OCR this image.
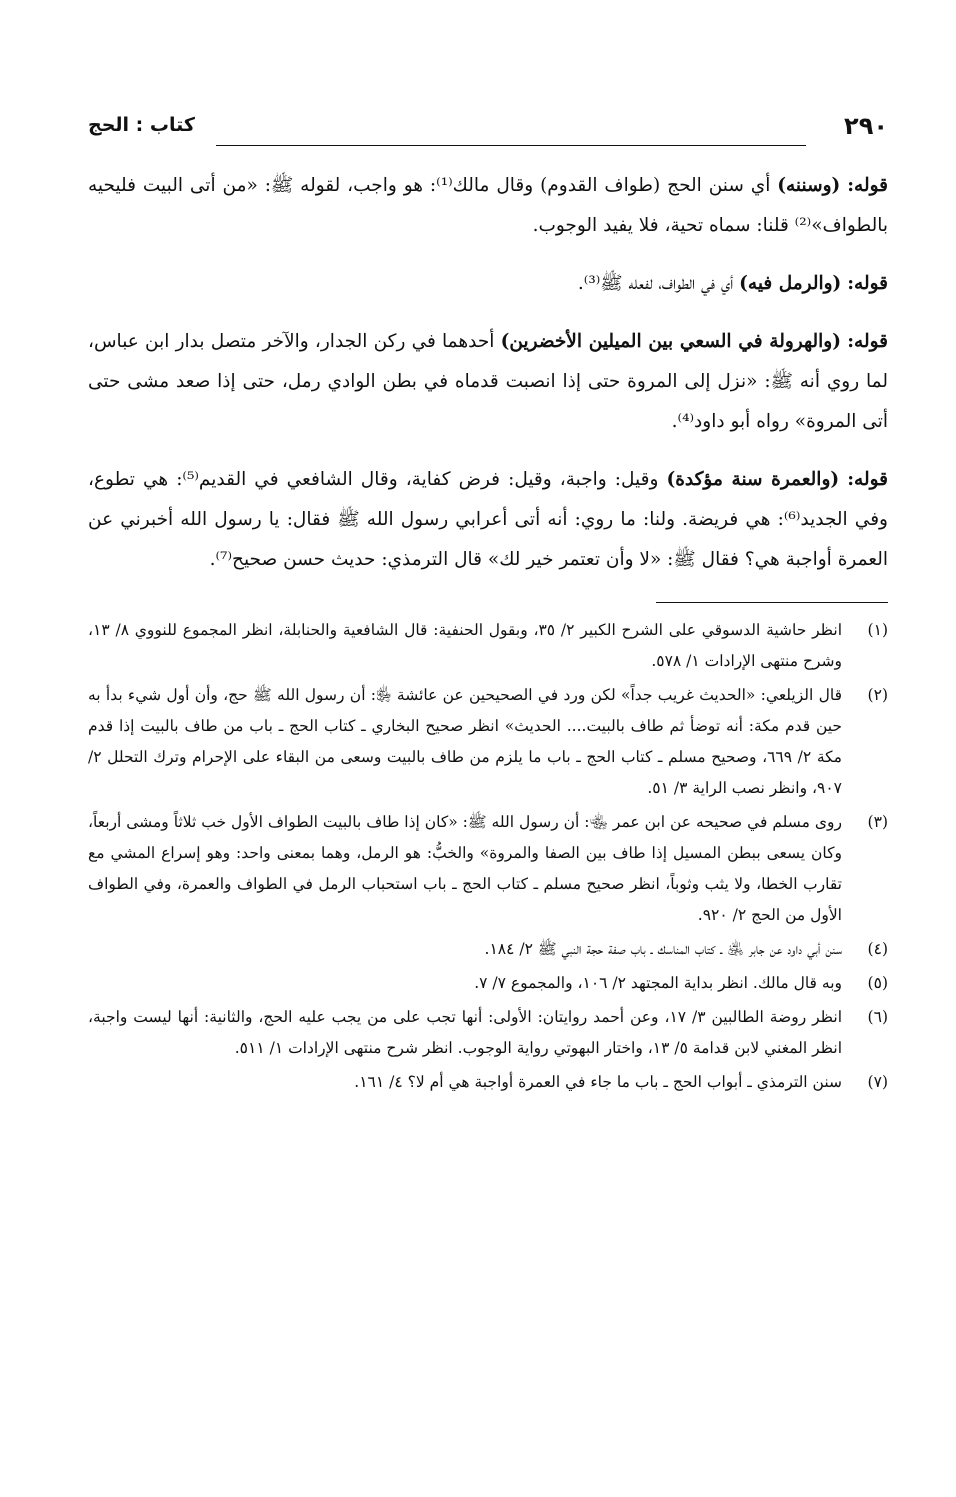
٢٩٠
كتاب : الحج

قوله: (وسننه) أي سنن الحج (طواف القدوم) وقال مالك⁽¹⁾: هو واجب، لقوله ﷺ: «من أتى البيت فليحيه بالطواف»⁽²⁾ قلنا: سماه تحية، فلا يفيد الوجوب.

قوله: (والرمل فيه) أي في الطواف، لفعله ﷺ⁽³⁾.

قوله: (والهرولة في السعي بين الميلين الأخضرين) أحدهما في ركن الجدار، والآخر متصل بدار ابن عباس، لما روي أنه ﷺ: «نزل إلى المروة حتى إذا انصبت قدماه في بطن الوادي رمل، حتى إذا صعد مشى حتى أتى المروة» رواه أبو داود⁽⁴⁾.

قوله: (والعمرة سنة مؤكدة) وقيل: واجبة، وقيل: فرض كفاية، وقال الشافعي في القديم⁽⁵⁾: هي تطوع، وفي الجديد⁽⁶⁾: هي فريضة. ولنا: ما روي: أنه أتى أعرابي رسول الله ﷺ فقال: يا رسول الله أخبرني عن العمرة أواجبة هي؟ فقال ﷺ: «لا وأن تعتمر خير لك» قال الترمذي: حديث حسن صحيح⁽⁷⁾.

(١)
انظر حاشية الدسوقي على الشرح الكبير ٢/ ٣٥، وبقول الحنفية: قال الشافعية والحنابلة، انظر المجموع للنووي ٨/ ١٣، وشرح منتهى الإرادات ١/ ٥٧٨.
(٢)
قال الزيلعي: «الحديث غريب جداً» لكن ورد في الصحيحين عن عائشة ﵂: أن رسول الله ﷺ حج، وأن أول شيء بدأ به حين قدم مكة: أنه توضأ ثم طاف بالبيت.... الحديث» انظر صحيح البخاري ـ كتاب الحج ـ باب من طاف بالبيت إذا قدم مكة ٢/ ٦٦٩، وصحيح مسلم ـ كتاب الحج ـ باب ما يلزم من طاف بالبيت وسعى من البقاء على الإحرام وترك التحلل ٢/ ٩٠٧، وانظر نصب الراية ٣/ ٥١.
(٣)
روى مسلم في صحيحه عن ابن عمر ﵄: أن رسول الله ﷺ: «كان إذا طاف بالبيت الطواف الأول خب ثلاثاً ومشى أربعاً، وكان يسعى ببطن المسيل إذا طاف بين الصفا والمروة» والخبُّ: هو الرمل، وهما بمعنى واحد: وهو إسراع المشي مع تقارب الخطا، ولا يثب وثوباً، انظر صحيح مسلم ـ كتاب الحج ـ باب استحباب الرمل في الطواف والعمرة، وفي الطواف الأول من الحج ٢/ ٩٢٠.
(٤)
سنن أبي داود عن جابر ﵁ ـ كتاب المناسك ـ باب صفة حجة النبي ﷺ ٢/ ١٨٤.
(٥)
وبه قال مالك. انظر بداية المجتهد ٢/ ١٠٦، والمجموع ٧/ ٧.
(٦)
انظر روضة الطالبين ٣/ ١٧، وعن أحمد روايتان: الأولى: أنها تجب على من يجب عليه الحج، والثانية: أنها ليست واجبة، انظر المغني لابن قدامة ٥/ ١٣، واختار البهوتي رواية الوجوب. انظر شرح منتهى الإرادات ١/ ٥١١.
(٧)
سنن الترمذي ـ أبواب الحج ـ باب ما جاء في العمرة أواجبة هي أم لا؟ ٤/ ١٦١.
